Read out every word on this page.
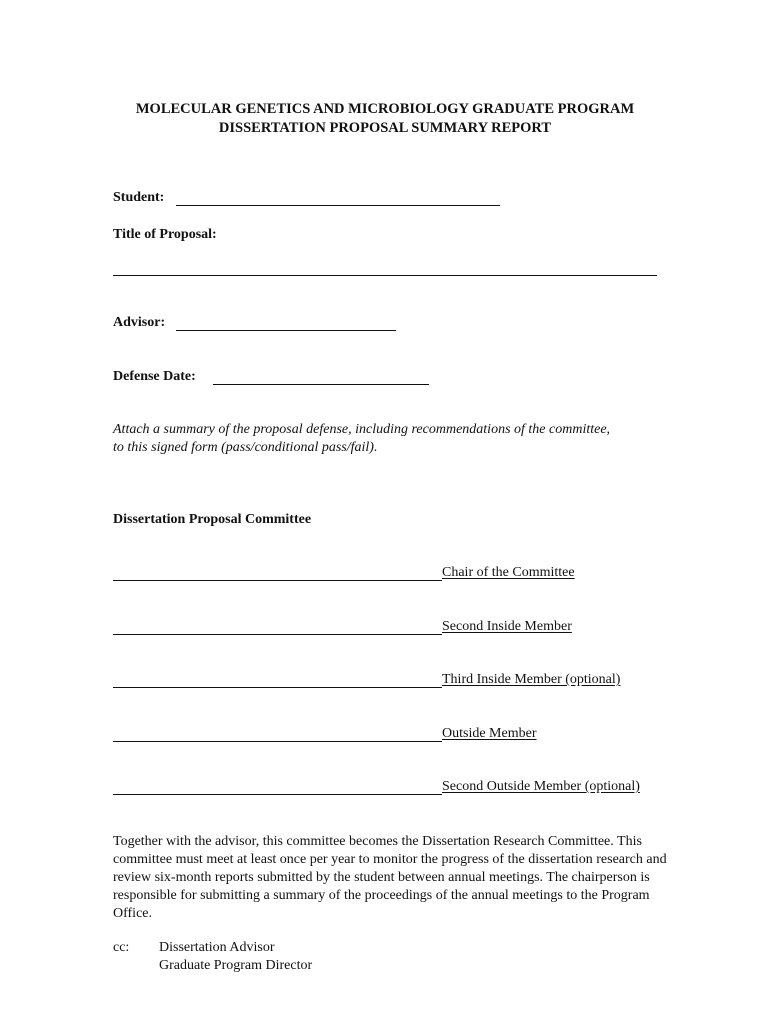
MOLECULAR GENETICS AND MICROBIOLOGY GRADUATE PROGRAM
DISSERTATION PROPOSAL SUMMARY REPORT
Student:
Title of Proposal:
Advisor:
Defense Date:
Attach a summary of the proposal defense, including recommendations of the committee,
to this signed form (pass/conditional pass/fail).
Dissertation Proposal Committee
Chair of the Committee
Second Inside Member
Third Inside Member (optional)
Outside Member
Second Outside Member (optional)
Together with the advisor, this committee becomes the Dissertation Research Committee. This committee must meet at least once per year to monitor the progress of the dissertation research and review six-month reports submitted by the student between annual meetings. The chairperson is responsible for submitting a summary of the proceedings of the annual meetings to the Program Office.
cc: Dissertation Advisor
Graduate Program Director
